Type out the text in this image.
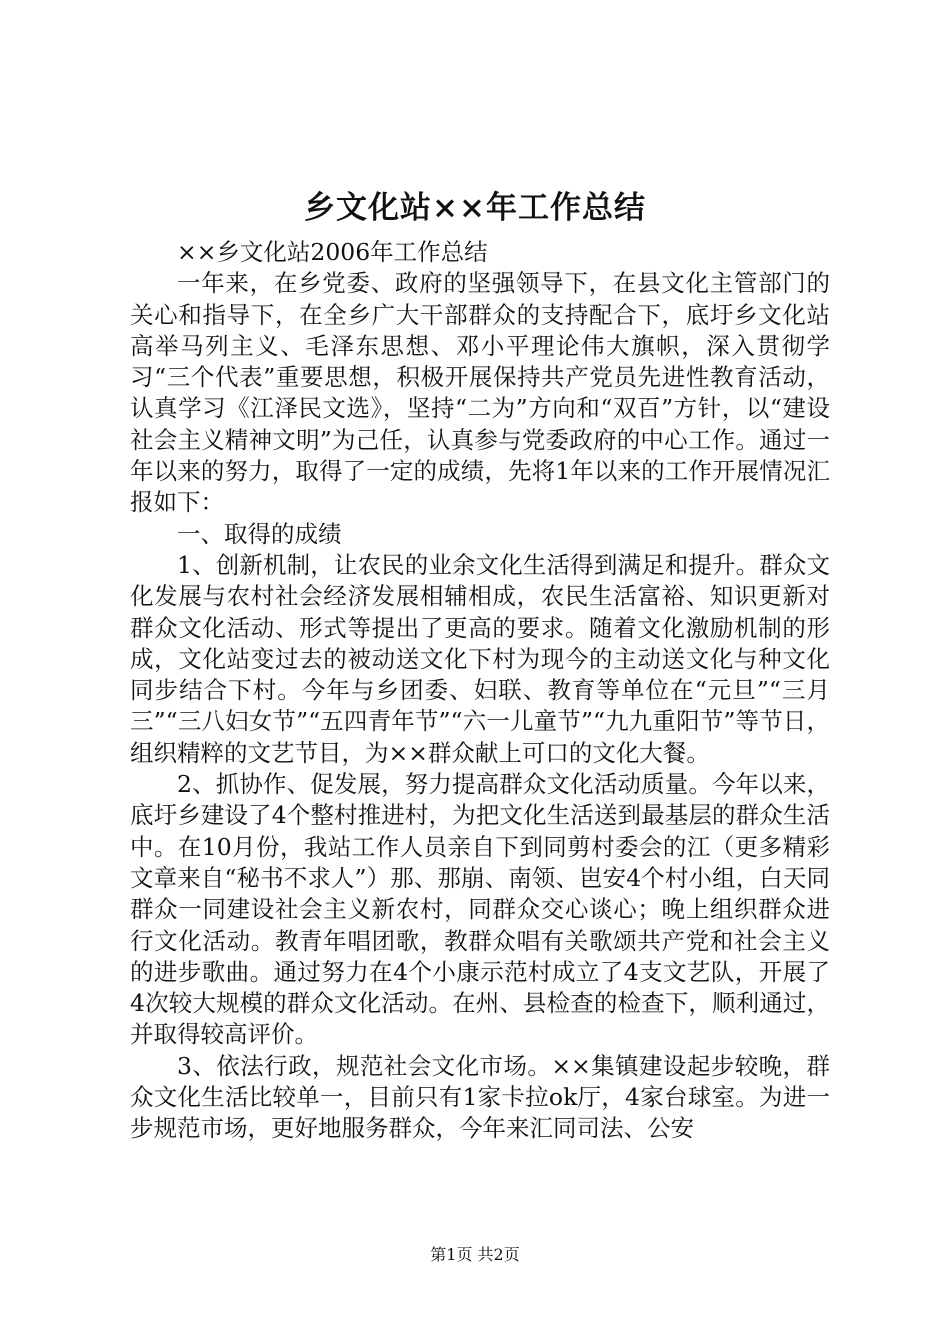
乡文化站××年工作总结

××乡文化站2006年工作总结

一年来，在乡党委、政府的坚强领导下，在县文化主管部门的关心和指导下，在全乡广大干部群众的支持配合下，底圩乡文化站高举马列主义、毛泽东思想、邓小平理论伟大旗帜，深入贯彻学习“三个代表”重要思想，积极开展保持共产党员先进性教育活动，认真学习《江泽民文选》，坚持“二为”方向和“双百”方针，以“建设社会主义精神文明”为己任，认真参与党委政府的中心工作。通过一年以来的努力，取得了一定的成绩，先将1年以来的工作开展情况汇报如下：

一、取得的成绩

1、创新机制，让农民的业余文化生活得到满足和提升。群众文化发展与农村社会经济发展相辅相成，农民生活富裕、知识更新对群众文化活动、形式等提出了更高的要求。随着文化激励机制的形成，文化站变过去的被动送文化下村为现今的主动送文化与种文化同步结合下村。今年与乡团委、妇联、教育等单位在“元旦”“三月三”“三八妇女节”“五四青年节”“六一儿童节”“九九重阳节”等节日，组织精粹的文艺节目，为××群众献上可口的文化大餐。

2、抓协作、促发展，努力提高群众文化活动质量。今年以来，底圩乡建设了4个整村推进村，为把文化生活送到最基层的群众生活中。在10月份，我站工作人员亲自下到同剪村委会的江（更多精彩文章来自“秘书不求人”）那、那崩、南领、岜安4个村小组，白天同群众一同建设社会主义新农村，同群众交心谈心；晚上组织群众进行文化活动。教青年唱团歌，教群众唱有关歌颂共产党和社会主义的进步歌曲。通过努力在4个小康示范村成立了4支文艺队，开展了4次较大规模的群众文化活动。在州、县检查的检查下，顺利通过，并取得较高评价。

3、依法行政，规范社会文化市场。××集镇建设起步较晚，群众文化生活比较单一，目前只有1家卡拉ok厅，4家台球室。为进一步规范市场，更好地服务群众，今年来汇同司法、公安

第1页 共2页
